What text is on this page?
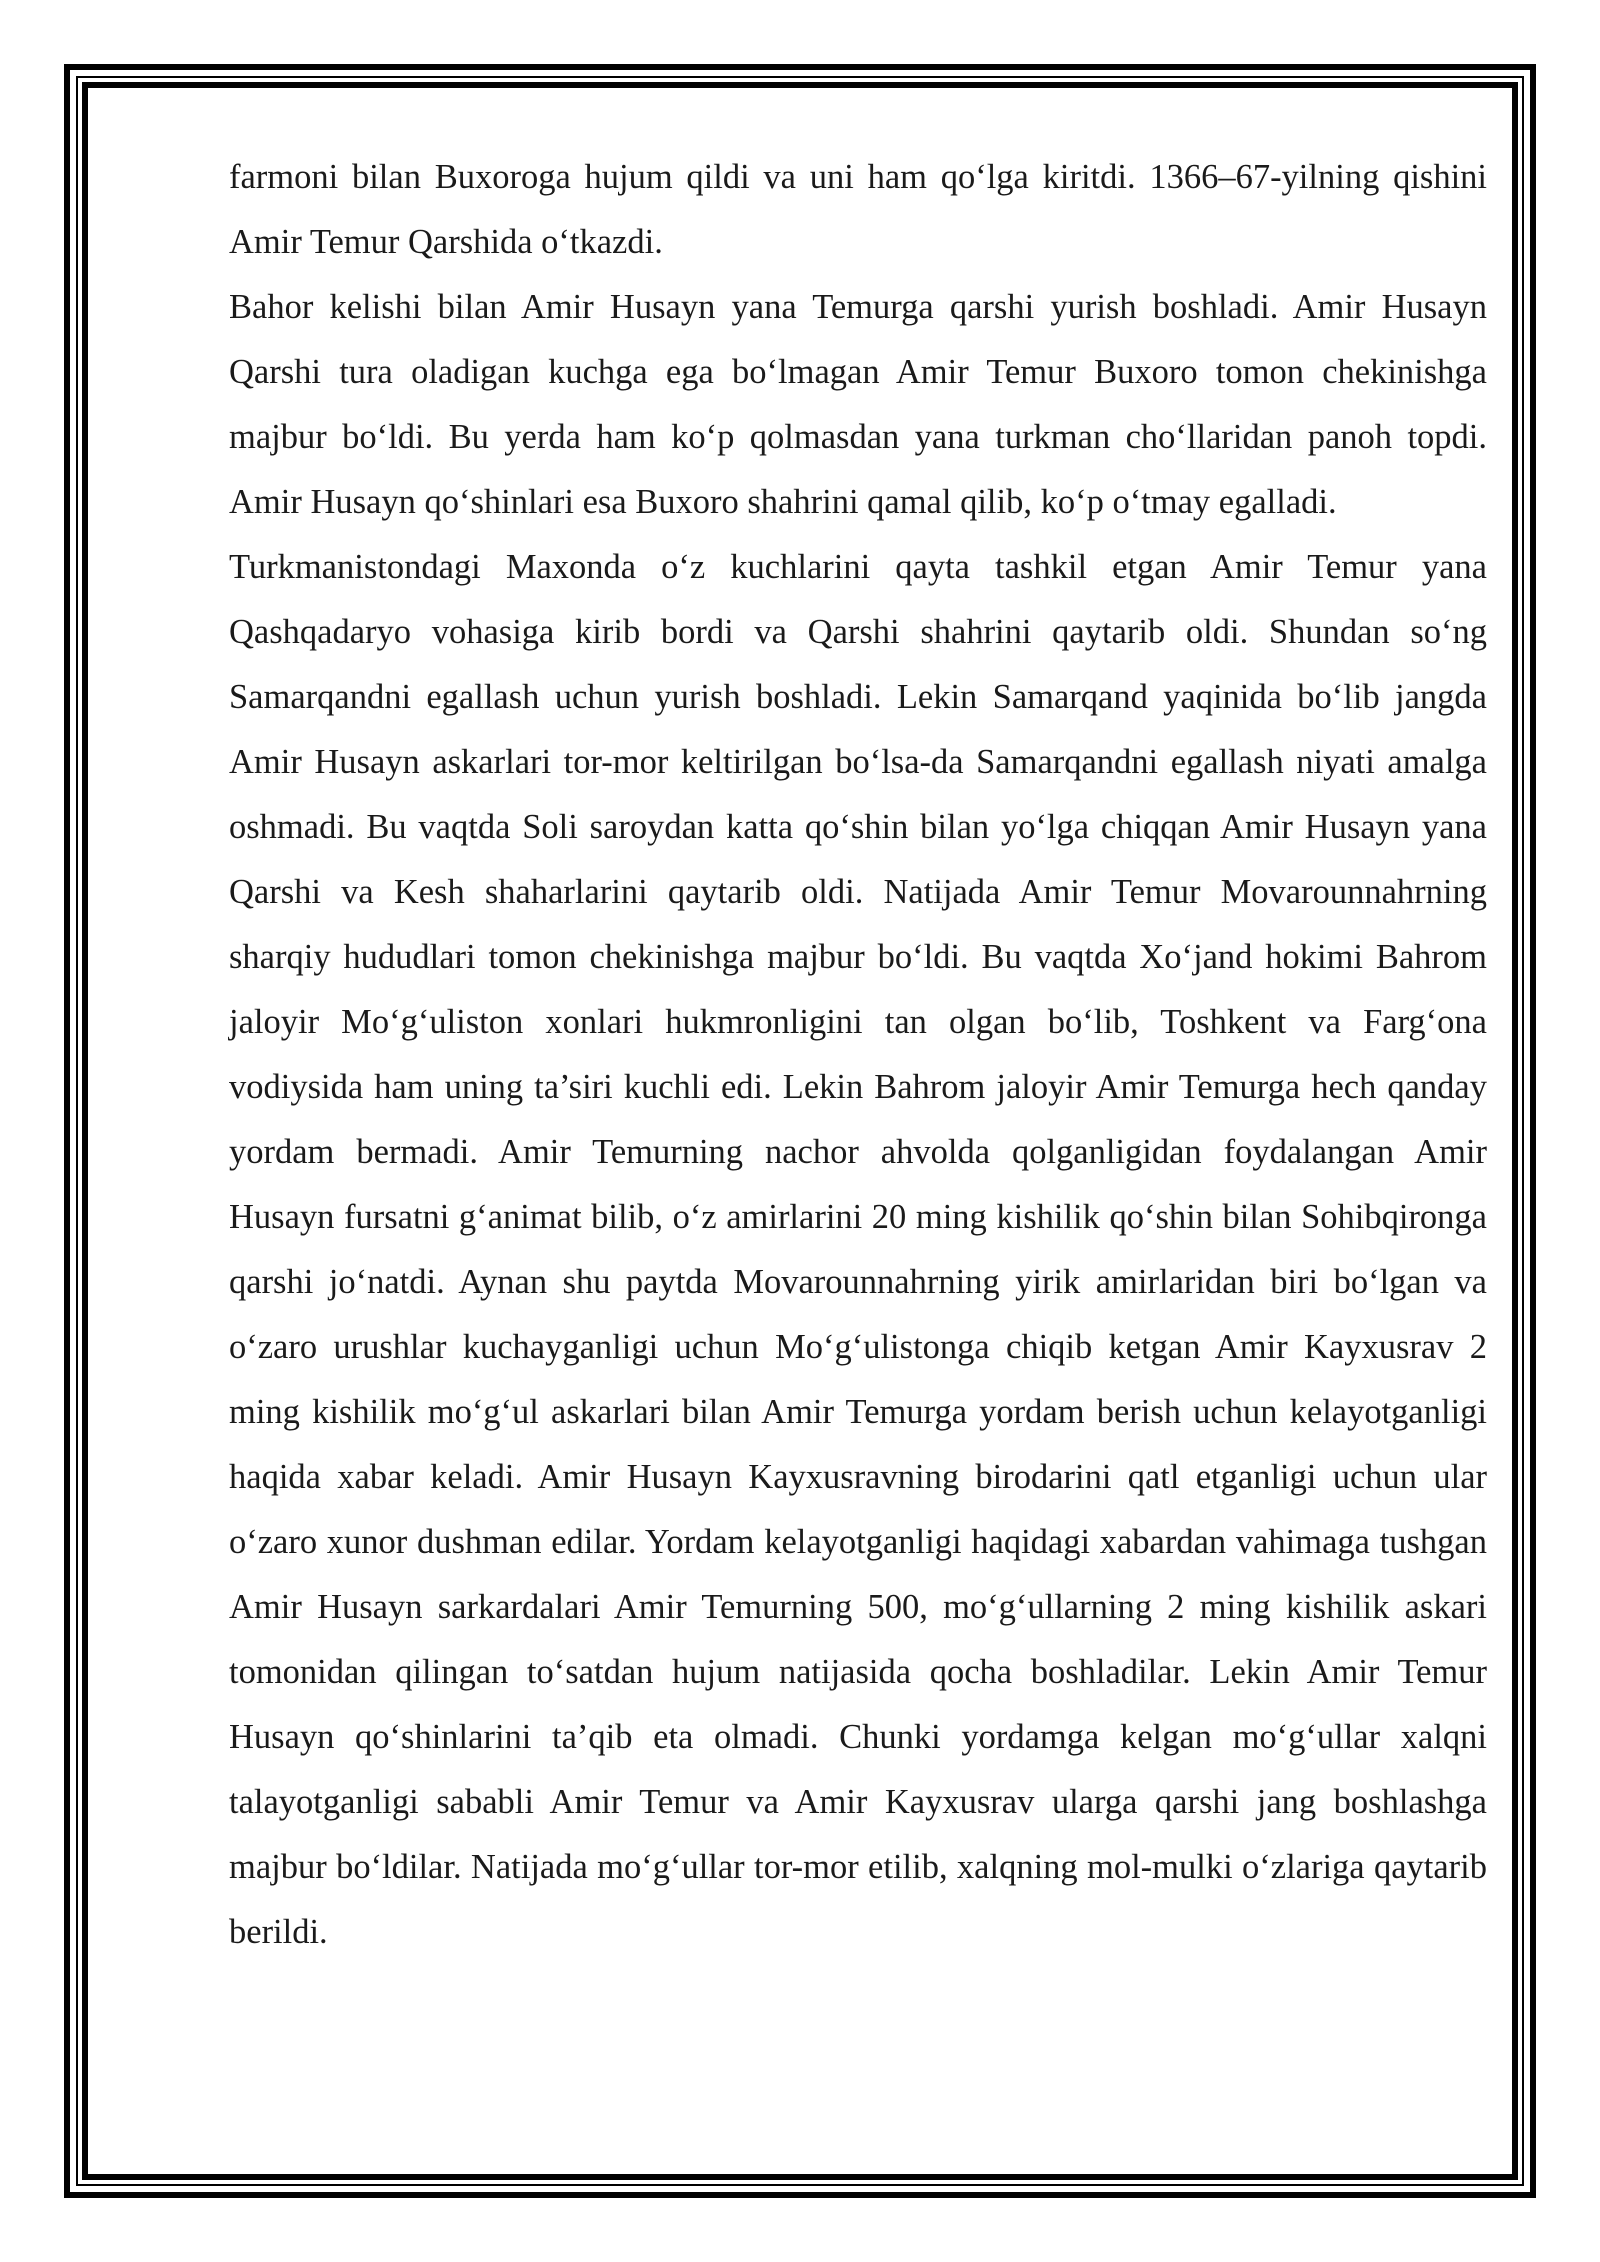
farmoni bilan Buxoroga hujum qildi va uni ham qoʻlga kiritdi. 1366–67-yilning qishini Amir Temur Qarshida oʻtkazdi.

Bahor kelishi bilan Amir Husayn yana Temurga qarshi yurish boshladi. Amir Husayn Qarshi tura oladigan kuchga ega boʻlmagan Amir Temur Buxoro tomon chekinishga majbur boʻldi. Bu yerda ham koʻp qolmasdan yana turkman choʻllaridan panoh topdi. Amir Husayn qoʻshinlari esa Buxoro shahrini qamal qilib, koʻp oʻtmay egalladi.

Turkmanistondagi Maxonda oʻz kuchlarini qayta tashkil etgan Amir Temur yana Qashqadaryo vohasiga kirib bordi va Qarshi shahrini qaytarib oldi. Shundan soʻng Samarqandni egallash uchun yurish boshladi. Lekin Samarqand yaqinida boʻlib jangda Amir Husayn askarlari tor-mor keltirilgan boʻlsa-da Samarqandni egallash niyati amalga oshmadi. Bu vaqtda Soli saroydan katta qoʻshin bilan yoʻlga chiqqan Amir Husayn yana Qarshi va Kesh shaharlarini qaytarib oldi. Natijada Amir Temur Movarounnahrning sharqiy hududlari tomon chekinishga majbur boʻldi. Bu vaqtda Xoʻjand hokimi Bahrom jaloyir Moʻgʻuliston xonlari hukmronligini tan olgan boʻlib, Toshkent va Fargʻona vodiysida ham uning ta’siri kuchli edi. Lekin Bahrom jaloyir Amir Temurga hech qanday yordam bermadi. Amir Temurning nachor ahvolda qolganligidan foydalangan Amir Husayn fursatni gʻanimat bilib, oʻz amirlarini 20 ming kishilik qoʻshin bilan Sohibqironga qarshi joʻnatdi. Aynan shu paytda Movarounnahrning yirik amirlaridan biri boʻlgan va oʻzaro urushlar kuchayganligi uchun Moʻgʻulistonga chiqib ketgan Amir Kayxusrav 2 ming kishilik moʻgʻul askarlari bilan Amir Temurga yordam berish uchun kelayotganligi haqida xabar keladi. Amir Husayn Kayxusravning birodarini qatl etganligi uchun ular oʻzaro xunor dushman edilar. Yordam kelayotganligi haqidagi xabardan vahimaga tushgan Amir Husayn sarkardalari Amir Temurning 500, moʻgʻullarning 2 ming kishilik askari tomonidan qilingan toʻsatdan hujum natijasida qocha boshladilar. Lekin Amir Temur Husayn qoʻshinlarini ta’qib eta olmadi. Chunki yordamga kelgan moʻgʻullar xalqni talayotganligi sababli Amir Temur va Amir Kayxusrav ularga qarshi jang boshlashga majbur boʻldilar. Natijada moʻgʻullar tor-mor etilib, xalqning mol-mulki oʻzlariga qaytarib berildi.
